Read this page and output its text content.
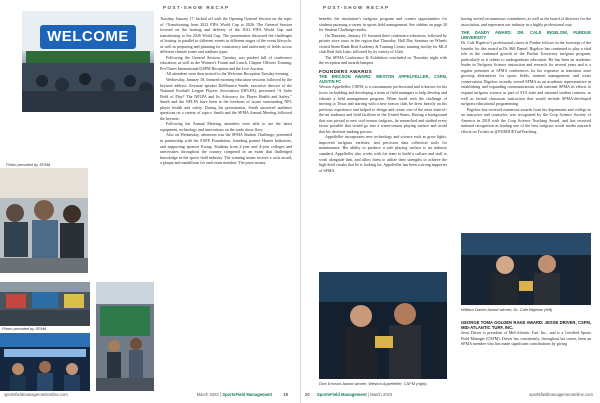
POST-SHOW RECAP
WELCOME
Photo provided by SFMA
Photo provided by SFMA

Tuesday, January 17, kicked off with the Opening General Session on the topic of “Transitioning from 2022 FIFA World Cup to 2026: The General Session focused on the hosting and delivery of the 2022 FIFA World Cup and transitioning to the 2026 World Cup. The presentation discussed the challenges of hosting in parallel in different events in different stages of the event lifecycle, as well as preparing and planning for consistency and uniformity of fields across different climate zones and stadium types.

Following the General Session, Tuesday was packed full of conference education, as well as the Women’s Forum and Lunch, Chapter Officers Training, Pro/Times International/GSPM Reception and the Live Auction.

All attendees were then invited to the Welcome Reception Tuesday evening.

Wednesday, January 18, featured morning education sessions followed by the keynote address. Keynote speaker DeMaurice Smith, executive director of the National Football League Players Association (NFLPA), presented “A Safer Field of Play? The NFLPA and Its Advocacy for Player Health and Safety.” Smith and the NFLPA have been at the forefront of issues surrounding NFL player health and safety. During his presentation, Smith answered audience questions on a variety of topics. Smith and the SFMA Annual Meeting followed the keynote.

Following the Annual Meeting, attendees were able to see the latest equipment, technology and innovations on the trade show floor.

Also on Wednesday, afternoon was the SFMA Student Challenge, presented in partnership with the SAFE Foundation, founding partner Hunter Industries, and supporting sponsor Ewing. Students from 2-year and 4-year colleges and universities throughout the country competed in an exam that challenged knowledge in the sports field industry. The winning teams receive a cash award, a plaque and medallions for each team member. The prize money

sportsfieldmanagementonline.com	March 2023 | SportsField Management	19
POST-SHOW RECAP

benefits the institution’s turfgrass program and creates opportunities for students pursuing a career in sports field management. See sidebar on page 20 for Student Challenge results.

On Thursday, January 19, featured three conference education, followed by private store tours in the region that Thursday. Hall Day Seminar on Wheels visited Stone Bank Real Academy & Training Center, training facility for MLS club Real Salt Lake, followed by its variety of Utah.

The SFMA Conference & Exhibition concluded on Thursday night with the reception and awards banquet.

FOUNDERS AWARDS
THE ERICSON AWARD: WESTON APPELFELLER, CSFM, AUSTIN FC

Weston Appelfeller, CSFM, is a consummate professional and is known for his focus on building and developing a team of field managers to help develop and educate a field management program. When faced with the challenge of moving to Texas and starting with a new season club, he drew heavily on his previous experience and helped to design and create one of the most state-of-the-art stadiums and field facilities in the United States. Having a background that was pivotal to new cool-season turfgrass, he researched and studied every factor possible that would go into a warm-season playing surface and avoid that his decision-making process.

Appelfeller incorporates new technology and science such as grow lights, improved turfgrass varieties, and precision data collection tools for maintenance. His ability to produce a safe playing surface is an industry standard. Appelfeller also works with his team to build a culture and staff to work alongside him, and allow them to utilize their strengths to achieve the high-level results that he is looking for. Appelfeller has been a strong supporter of SFMA

Dick Ericson Award winner, Weston Appelfeller, CSFM (right).

having served on numerous committees, as well as the board of directors for the association, and represents our industry in a highly professional way.

THE DANDY AWARD: DR. CALE BIGELOW, PURDUE UNIVERSITY

Dr. Cale Bigelow’s professional career at Purdue follows in the footsteps of the founder for this award in Dr. Bill Daniel. Bigelow has continued to play a vital role in the continued growth of the Purdue University turfgrass program, particularly as it relates to undergraduate education. He has been an academic leader in Turfgrass Science instruction and research for several years and is a regular presenter at SFMA conferences for his expertise in transition zone growing alternatives for sports fields, nutrient management, and water conservation. Bigelow recently served SFMA as an academic representative in establishing and expanding communications with national SFMA in efforts to expand turfgrass science as part of STA state and national student contests, as well as formal classroom instruction that would include SFMA-developed turfgrass educational programming.

Bigelow has received numerous awards from his department and college as an instructor and counselor, was recognized by the Crop Science Society of America in 2018 with the Crop Science Teaching Award, and has received national recognition as leading one of the best turfgrass social media outreach efforts on Twitter as @PURDUETurfTeaching.

William Daniel Award winner, Dr. Cale Bigelow (left)
GEORGE TOMA GOLDEN RAKE AWARD: JESSE DRIVER, CSFM, MID-ATLANTIC TURF, INC.

Jesse Driver is president of Mid-Atlantic Turf, Inc., and is a Certified Sports Field Manager (CSFM). Driver has consistently, throughout his career, been an SFMA member who has made significant contributions by giving

20 SportsField Management | March 2023	sportsfieldmanagementonline.com
